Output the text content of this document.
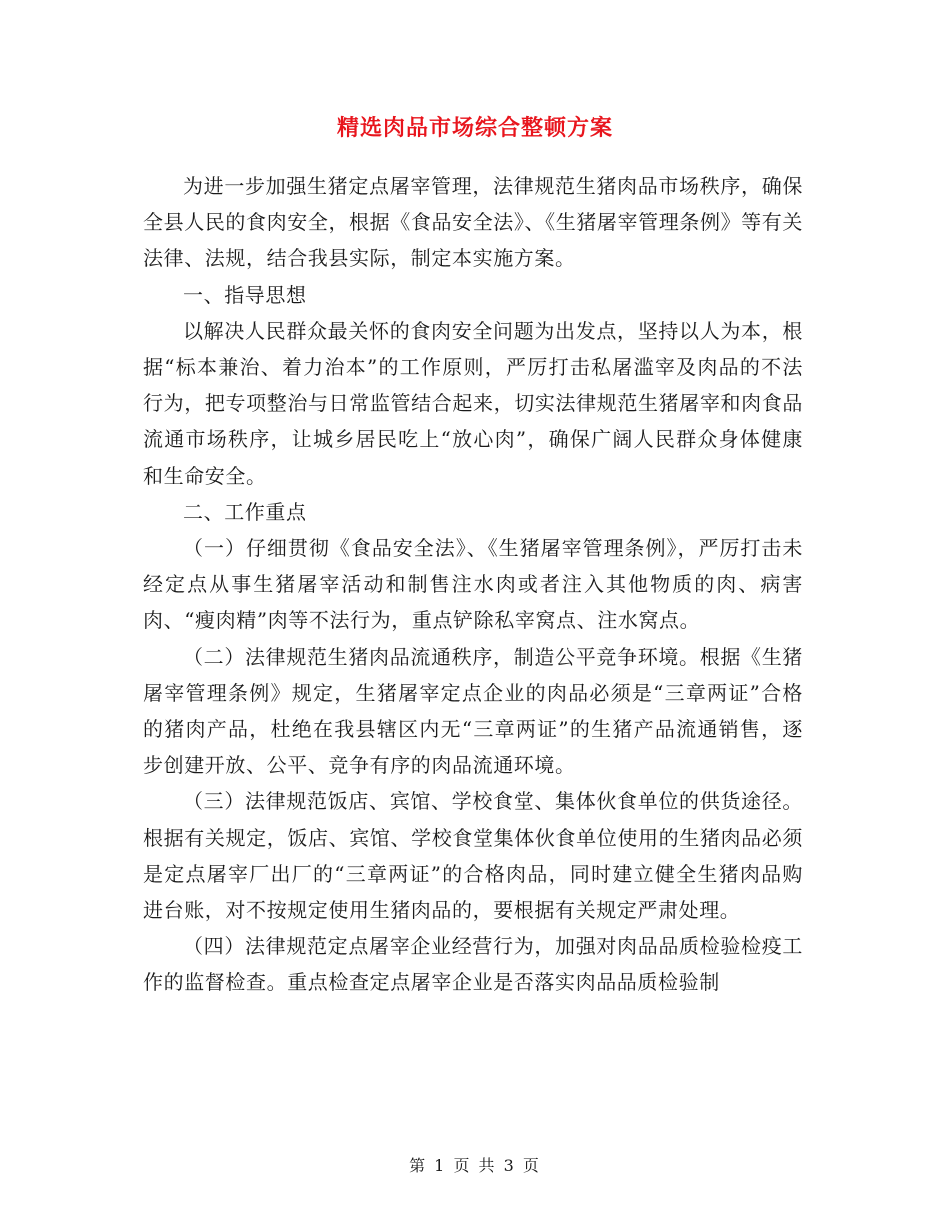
精选肉品市场综合整顿方案

为进一步加强生猪定点屠宰管理，法律规范生猪肉品市场秩序，确保全县人民的食肉安全，根据《食品安全法》、《生猪屠宰管理条例》等有关法律、法规，结合我县实际，制定本实施方案。

一、指导思想

以解决人民群众最关怀的食肉安全问题为出发点，坚持以人为本，根据“标本兼治、着力治本”的工作原则，严厉打击私屠滥宰及肉品的不法行为，把专项整治与日常监管结合起来，切实法律规范生猪屠宰和肉食品流通市场秩序，让城乡居民吃上“放心肉”，确保广阔人民群众身体健康和生命安全。

二、工作重点

（一）仔细贯彻《食品安全法》、《生猪屠宰管理条例》，严厉打击未经定点从事生猪屠宰活动和制售注水肉或者注入其他物质的肉、病害肉、“瘦肉精”肉等不法行为，重点铲除私宰窝点、注水窝点。

（二）法律规范生猪肉品流通秩序，制造公平竞争环境。根据《生猪屠宰管理条例》规定，生猪屠宰定点企业的肉品必须是“三章两证”合格的猪肉产品，杜绝在我县辖区内无“三章两证”的生猪产品流通销售，逐步创建开放、公平、竞争有序的肉品流通环境。

（三）法律规范饭店、宾馆、学校食堂、集体伙食单位的供货途径。根据有关规定，饭店、宾馆、学校食堂集体伙食单位使用的生猪肉品必须是定点屠宰厂出厂的“三章两证”的合格肉品，同时建立健全生猪肉品购进台账，对不按规定使用生猪肉品的，要根据有关规定严肃处理。

（四）法律规范定点屠宰企业经营行为，加强对肉品品质检验检疫工作的监督检查。重点检查定点屠宰企业是否落实肉品品质检验制

第 1 页 共 3 页
